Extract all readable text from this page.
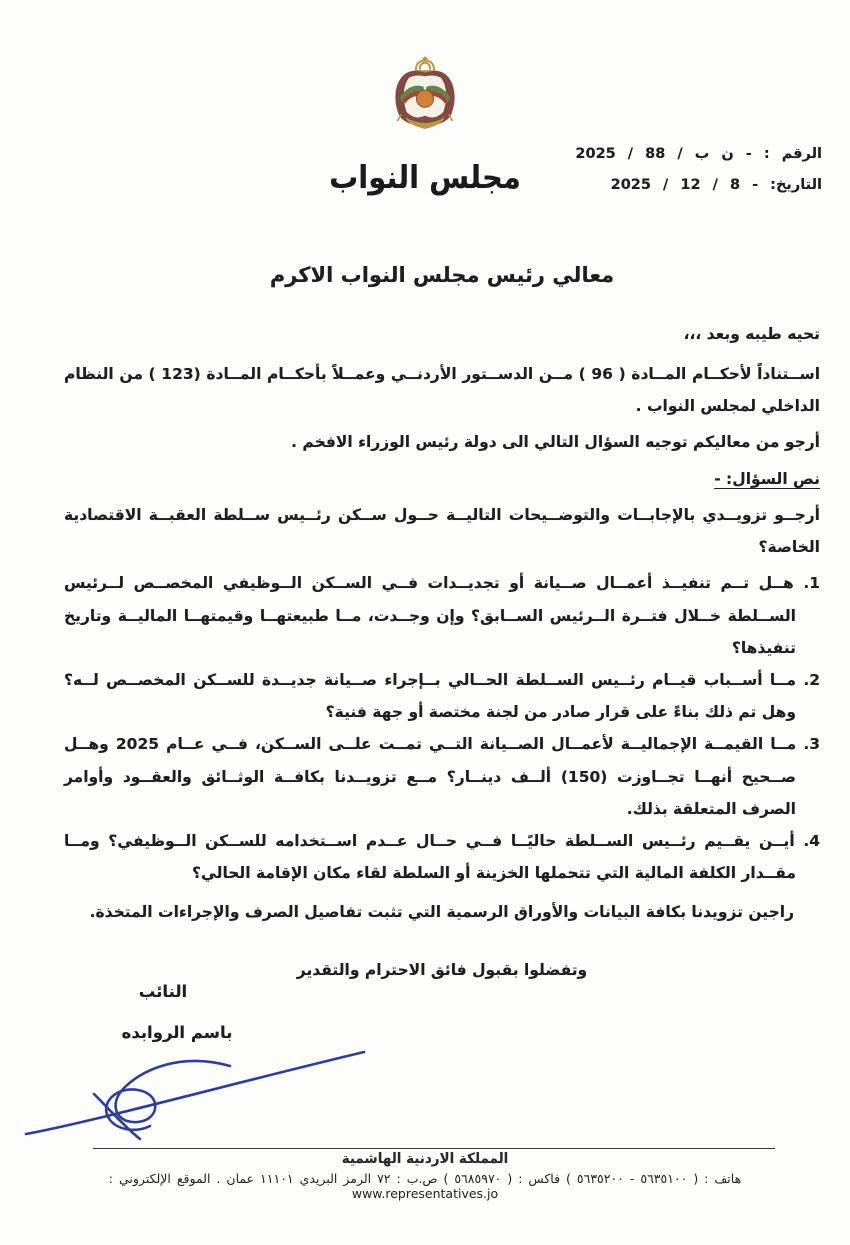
مجلس النواب
الرقم : - ن ب / 88 / 2025
التاريخ: - 8 / 12 / 2025
معالي رئيس مجلس النواب الاكرم

تحيه طيبه وبعد ،،،

اســتناداً لأحكــام المــادة ( 96 ) مــن الدســتور الأردنــي وعمــلاً بأحكــام المــادة (123 ) من النظام الداخلي لمجلس النواب .

أرجو من معاليكم توجيه السؤال التالي الى دولة رئيس الوزراء الافخم .

نص السؤال: -

أرجــو تزويــدي بالإجابــات والتوضــيحات التاليــة حــول ســكن رئــيس ســلطة العقبــة الاقتصادية الخاصة؟

1. هــل تــم تنفيــذ أعمــال صــيانة أو تجديــدات فــي الســكن الــوظيفي المخصــص لــرئيس الســلطة خــلال فتــرة الــرئيس الســابق؟ وإن وجــدت، مــا طبيعتهــا وقيمتهــا الماليــة وتاريخ تنفيذها؟

2. مــا أســباب قيــام رئــيس الســلطة الحــالي بــإجراء صــيانة جديــدة للســكن المخصــص لــه؟ وهل تم ذلك بناءً على قرار صادر من لجنة مختصة أو جهة فنية؟

3. مــا القيمــة الإجماليــة لأعمــال الصــيانة التــي تمــت علــى الســكن، فــي عــام 2025 وهــل صــحيح أنهــا تجــاوزت (150) ألــف دينــار؟ مــع تزويــدنا بكافــة الوثــائق والعقــود وأوامر الصرف المتعلقة بذلك.

4. أيــن يقــيم رئــيس الســلطة حاليًــا فــي حــال عــدم اســتخدامه للســكن الــوظيفي؟ ومــا مقــدار الكلفة المالية التي تتحملها الخزينة أو السلطة لقاء مكان الإقامة الحالي؟

راجين تزويدنا بكافة البيانات والأوراق الرسمية التي تثبت تفاصيل الصرف والإجراءات المتخذة.

وتفضلوا بقبول فائق الاحترام والتقدير

النائب
باسم الروابده
المملكة الاردنية الهاشمية
هاتف : ( ٥٦٣٥١٠٠ - ٥٦٣٥٢٠٠ ) فاكس : ( ٥٦٨٥٩٧٠ ) ص.ب : ٧٢ الرمز البريدي ١١١٠١ عمان . الموقع الإلكتروني : www.representatives.jo
